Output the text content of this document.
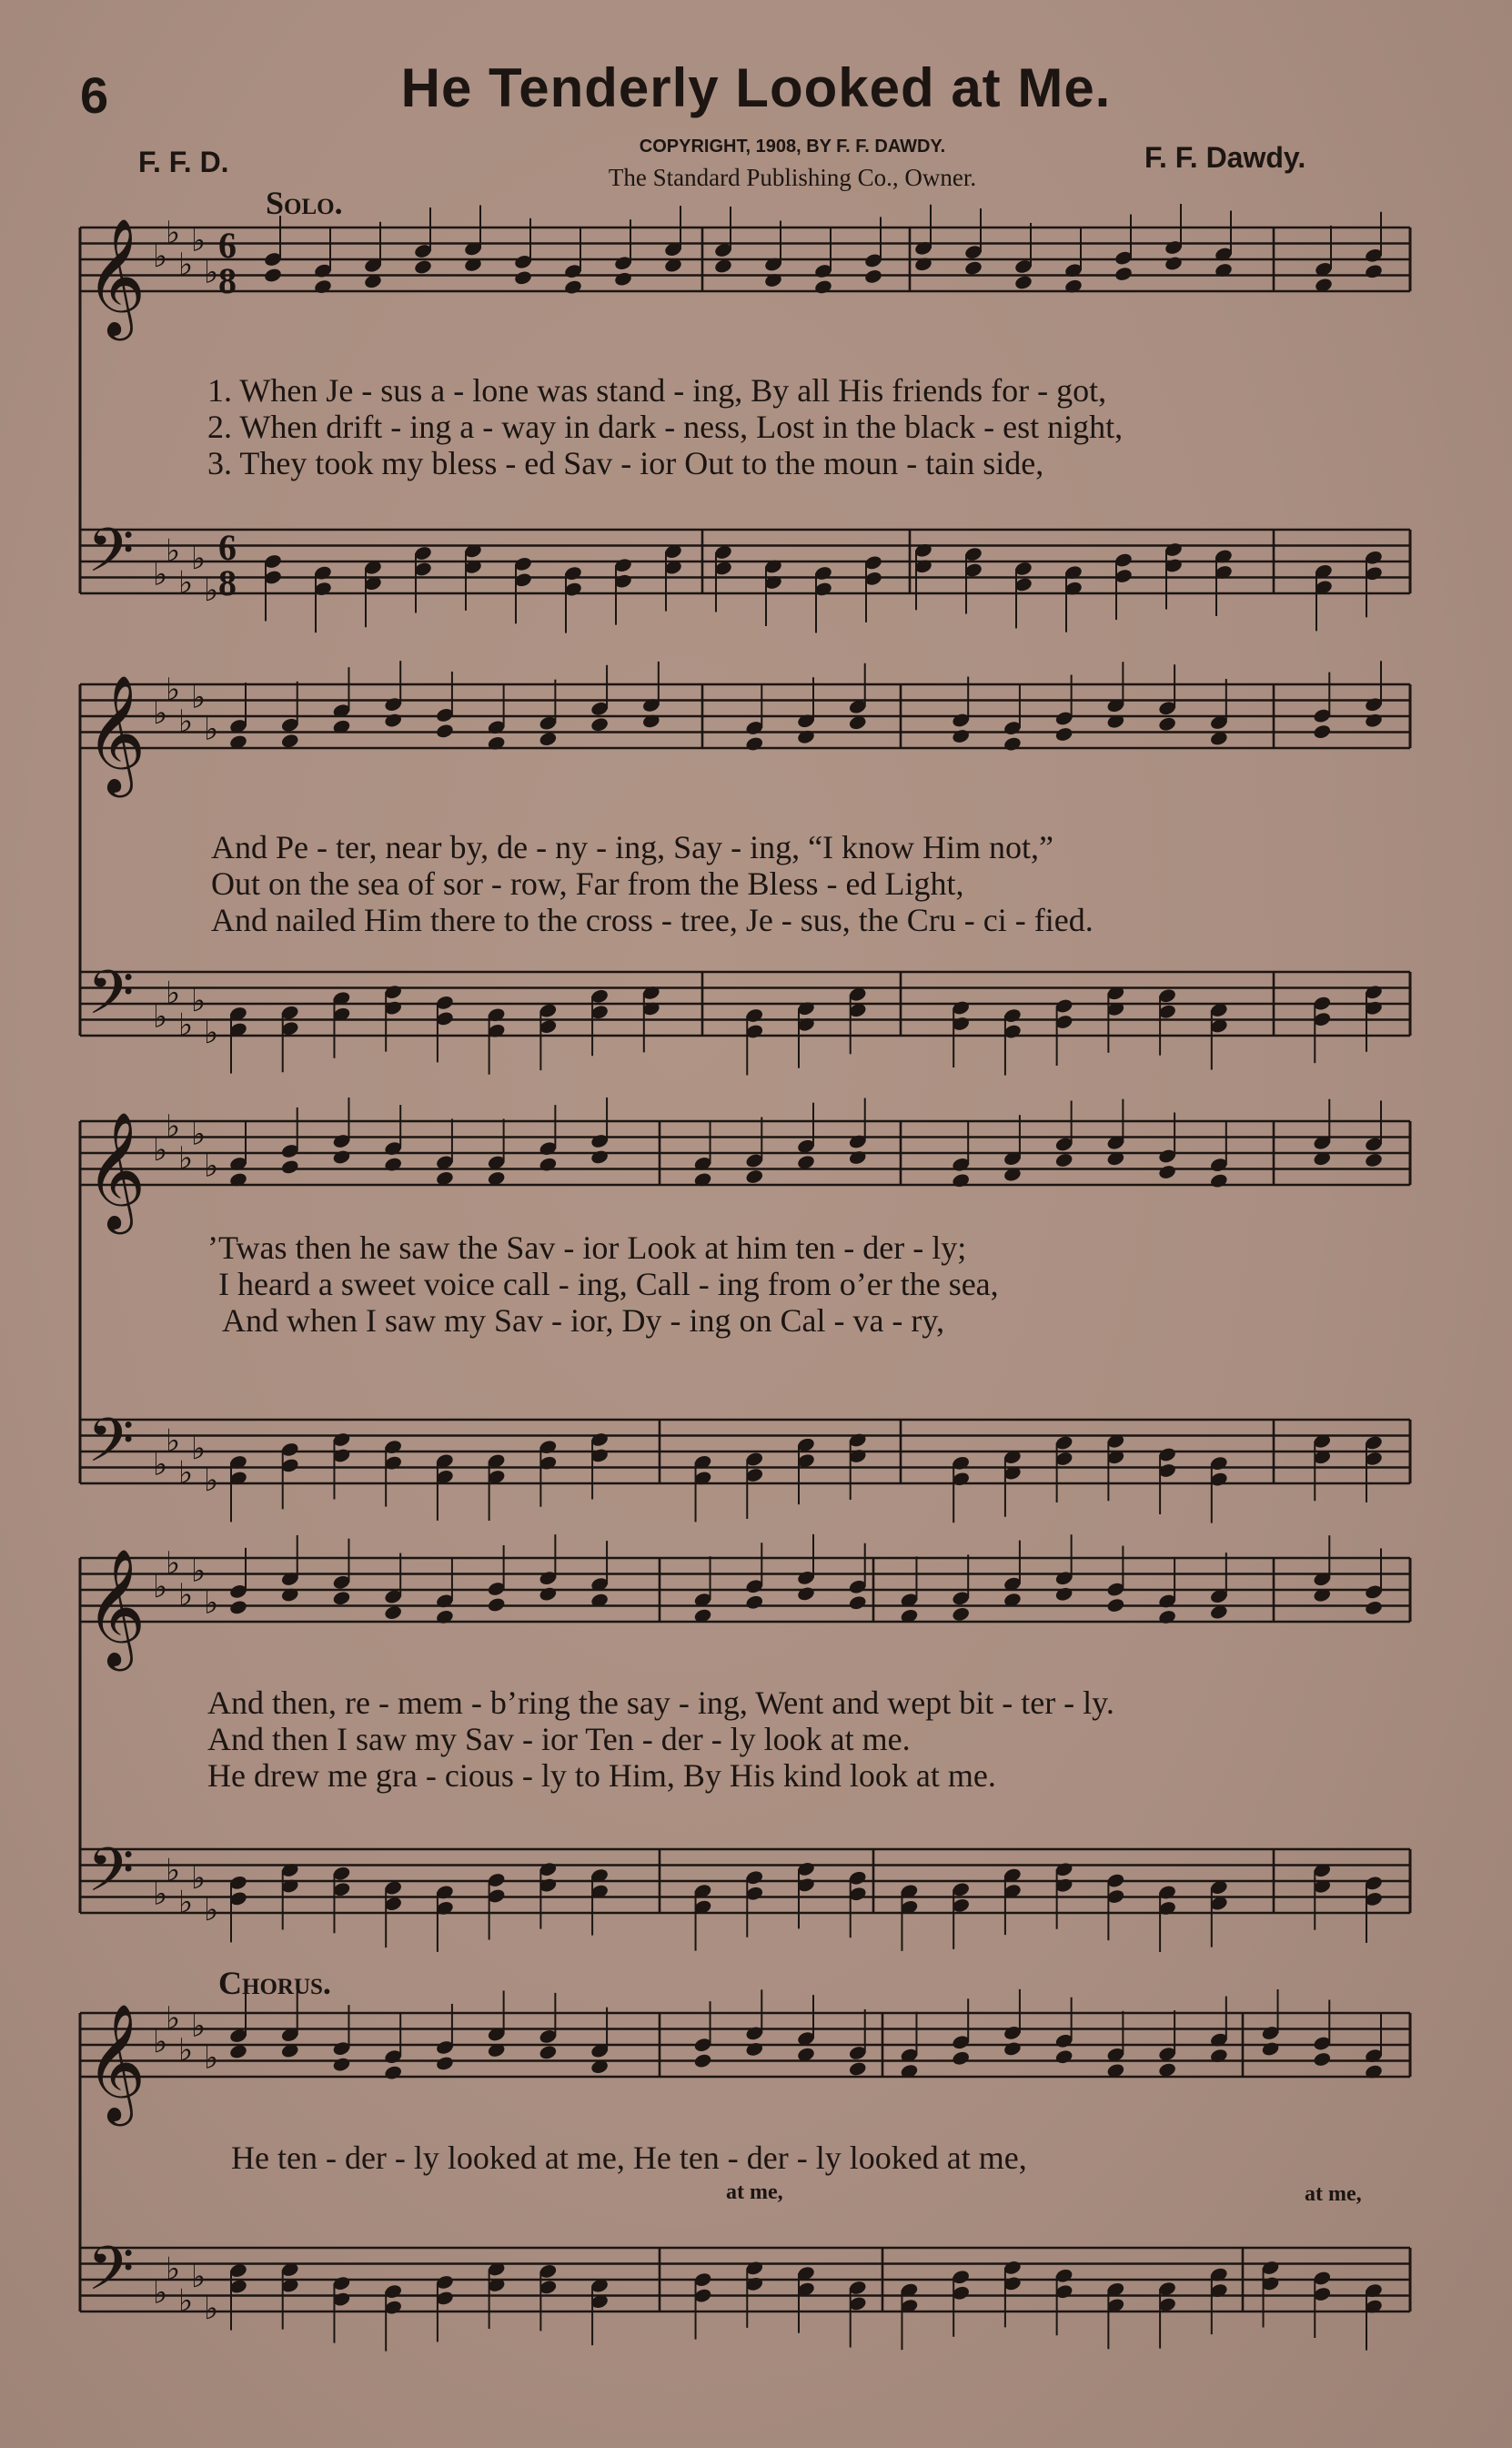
6	He Tenderly Looked at Me.
F. F. D.	COPYRIGHT, 1908, BY F. F. DAWDY.
The Standard Publishing Co., Owner.
F. F. Dawdy.
Solo.
Chorus.
𝄞 ♭
♭
♭
♭
♭
6
8
𝄢 ♭
♭
♭
♭
♭
6
8
𝄞 ♭
♭
♭
♭
♭
𝄢 ♭
♭
♭
♭
♭
𝄞 ♭
♭
♭
♭
♭
𝄢 ♭
♭
♭
♭
♭
𝄞 ♭
♭
♭
♭
♭
𝄢 ♭
♭
♭
♭
♭
𝄞 ♭
♭
♭
♭
♭
𝄢 ♭
♭
♭
♭
♭
1. When Je - sus a - lone was stand - ing, By all His friends for - got,
2. When drift - ing a - way in dark - ness, Lost in the black - est night,
3. They took my bless - ed Sav - ior Out to the moun - tain side,
And Pe - ter, near by, de - ny - ing, Say - ing, “I know Him not,”
Out on the sea of sor - row, Far from the Bless - ed Light,
And nailed Him there to the cross - tree, Je - sus, the Cru - ci - fied.
’Twas then he saw the Sav - ior Look at him ten - der - ly;
I heard a sweet voice call - ing, Call - ing from o’er the sea,
And when I saw my Sav - ior, Dy - ing on Cal - va - ry,
And then, re - mem - b’ring the say - ing, Went and wept bit - ter - ly.
And then I saw my Sav - ior Ten - der - ly look at me.
He drew me gra - cious - ly to Him, By His kind look at me.
He ten - der - ly looked at me, He ten - der - ly looked at me,
at me,	at me,
